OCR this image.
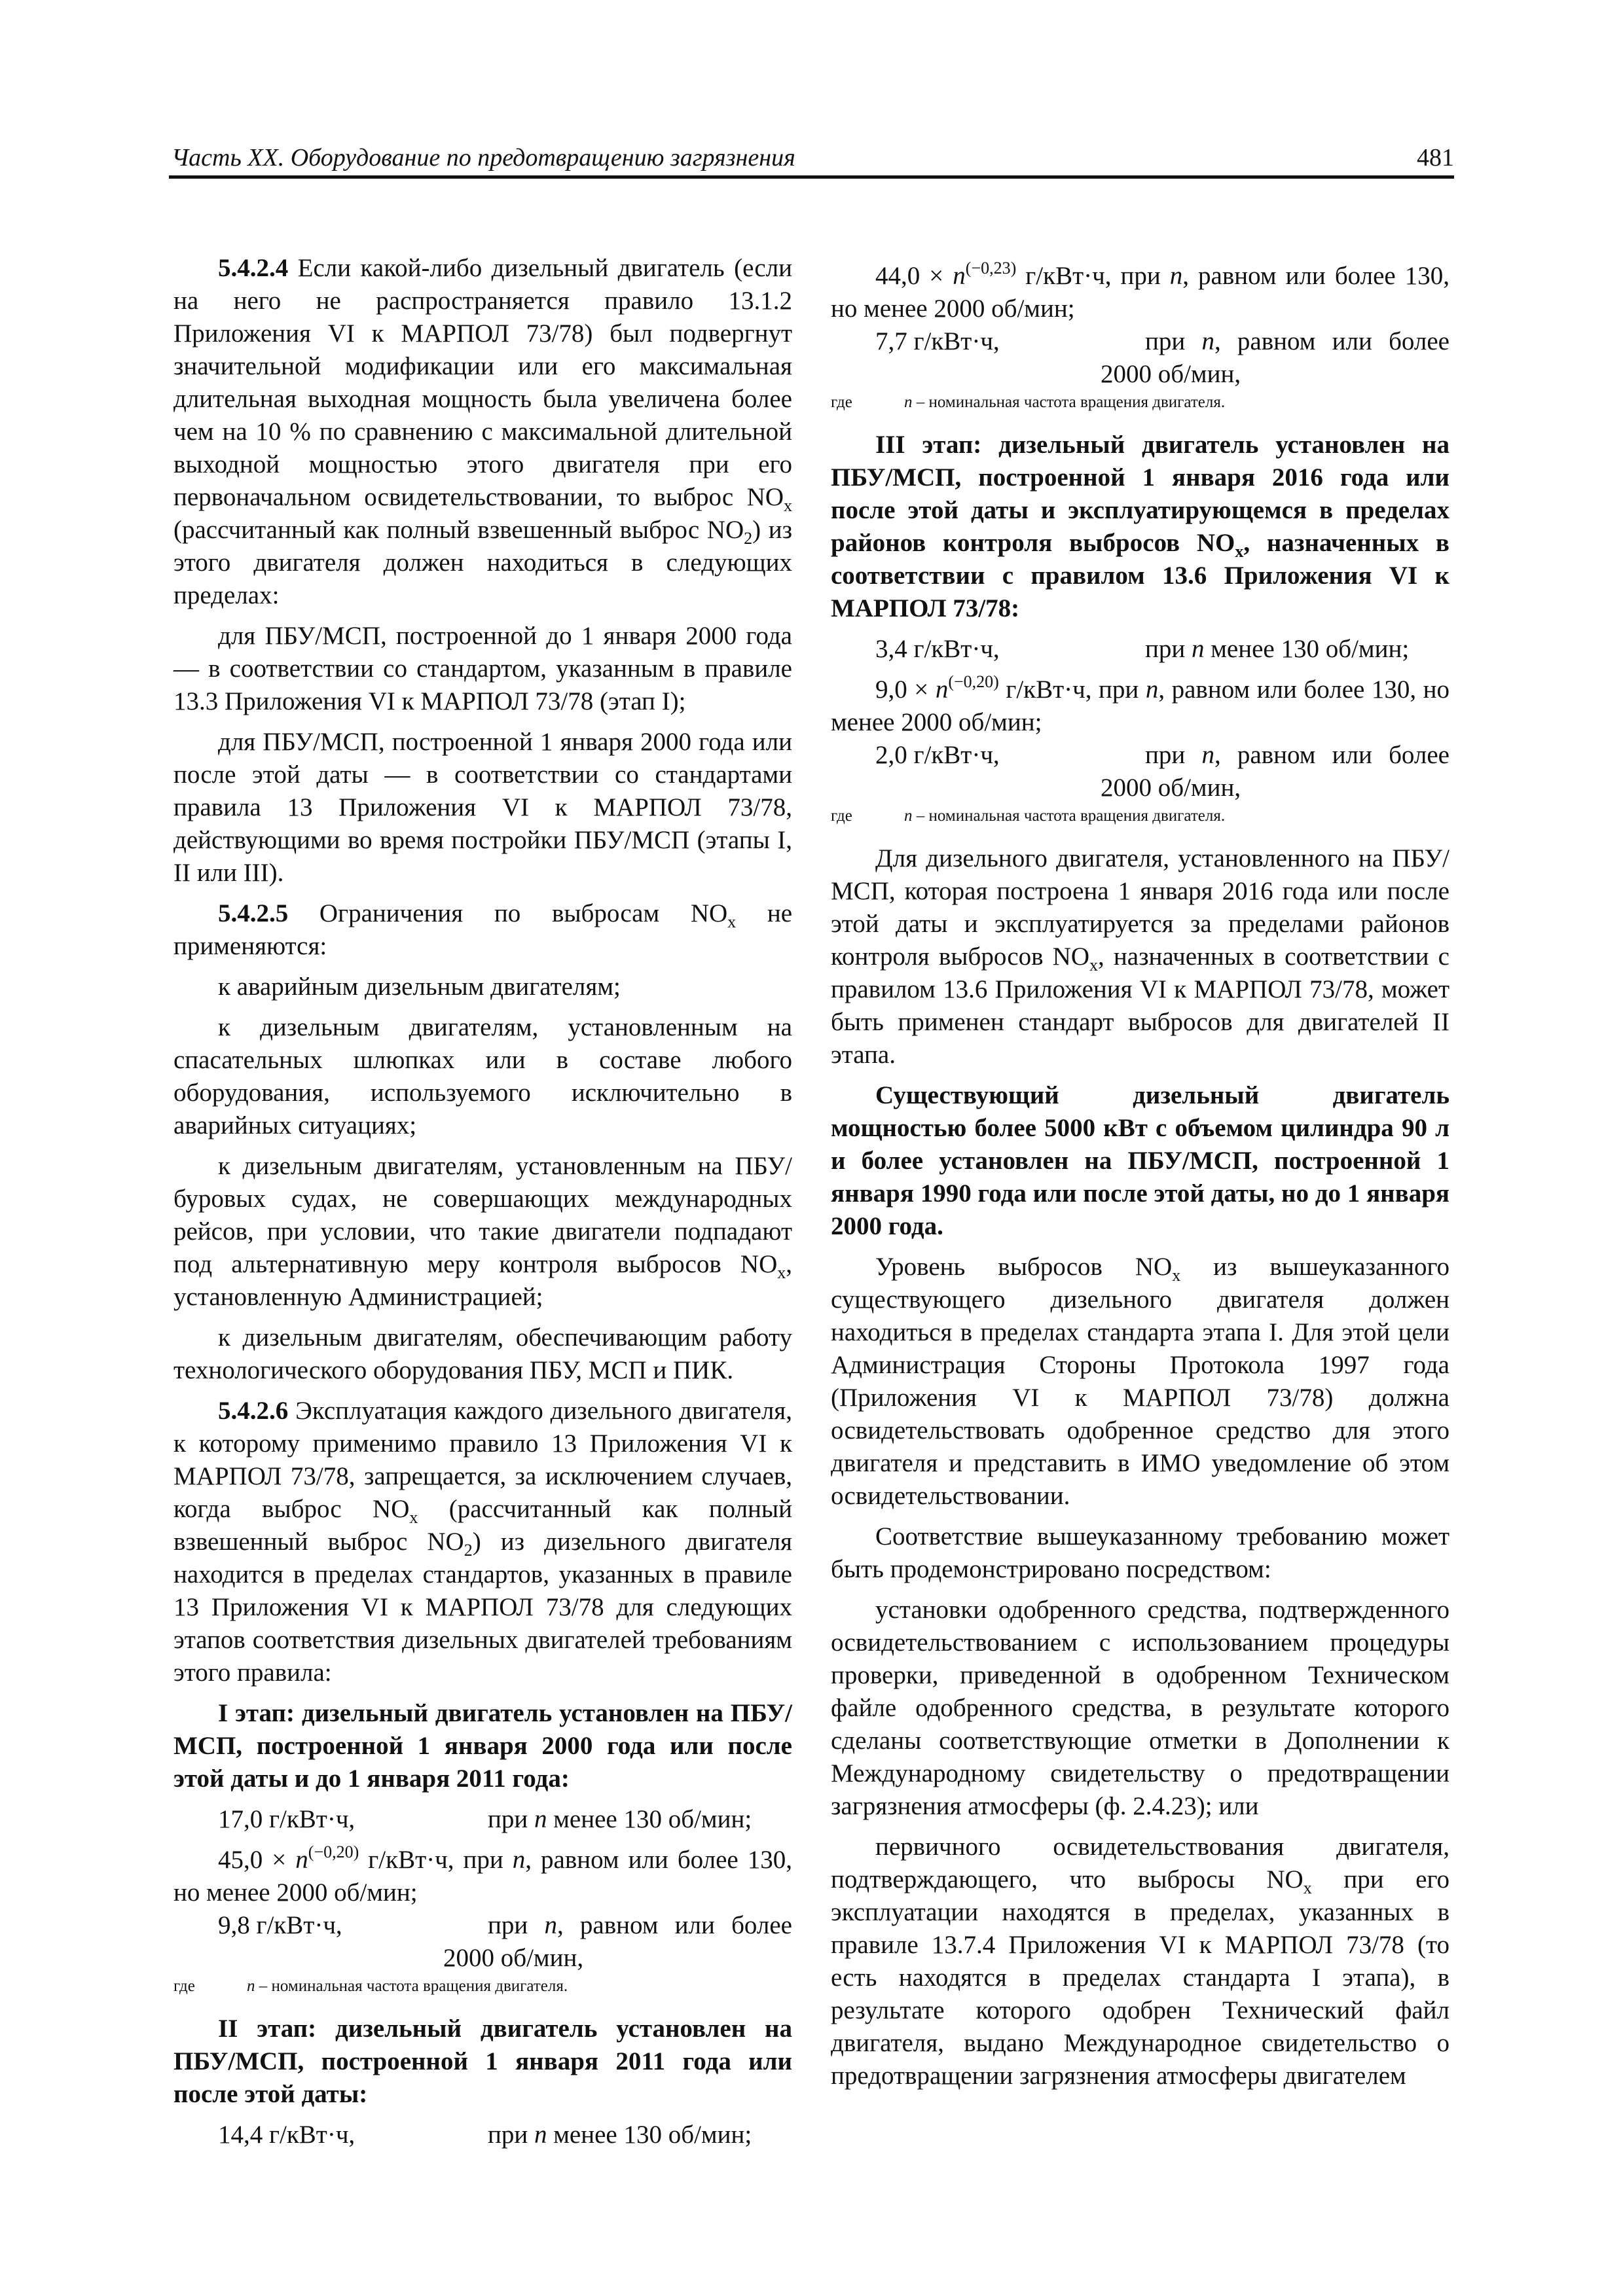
Часть XX. Оборудование по предотвращению загрязнения	481

5.4.2.4 Если какой-либо дизельный двигатель (если на него не распространяется правило 13.1.2 Приложения VI к МАРПОЛ 73/78) был подвергнут значительной модификации или его максимальная длительная выходная мощность была увеличена более чем на 10 % по сравнению с максимальной длительной выходной мощностью этого двигателя при его первоначальном освидетельствовании, то выброс $NO_x$ (рассчитанный как полный взвешенный выброс $NO_2$) из этого двигателя должен находиться в следующих пределах:

для ПБУ/МСП, построенной до 1 января 2000 года — в соответствии со стандартом, указанным в правиле 13.3 Приложения VI к МАРПОЛ 73/78 (этап I);

для ПБУ/МСП, построенной 1 января 2000 года или после этой даты — в соответствии со стандартами правила 13 Приложения VI к МАРПОЛ 73/78, действующими во время постройки ПБУ/МСП (этапы I, II или III).

5.4.2.5 Ограничения по выбросам $NO_x$ не применяются:

к аварийным дизельным двигателям;

к дизельным двигателям, установленным на спасательных шлюпках или в составе любого оборудования, используемого исключительно в аварийных ситуациях;

к дизельным двигателям, установленным на ПБУ/буровых судах, не совершающих международных рейсов, при условии, что такие двигатели подпадают под альтернативную меру контроля выбросов $NO_x$, установленную Администрацией;

к дизельным двигателям, обеспечивающим работу технологического оборудования ПБУ, МСП и ПИК.

5.4.2.6 Эксплуатация каждого дизельного двигателя, к которому применимо правило 13 Приложения VI к МАРПОЛ 73/78, запрещается, за исключением случаев, когда выброс $NO_x$ (рассчитанный как полный взвешенный выброс $NO_2$) из дизельного двигателя находится в пределах стандартов, указанных в правиле 13 Приложения VI к МАРПОЛ 73/78 для следующих этапов соответствия дизельных двигателей требованиям этого правила:

I этап: дизельный двигатель установлен на ПБУ/МСП, построенной 1 января 2000 года или после этой даты и до 1 января 2011 года:

17,0 г/кВт·ч,	при n менее 130 об/мин;

$45,0 \times n^{(-0,20)}$ г/кВт·ч, при n, равном или более 130, но менее 2000 об/мин;

9,8 г/кВт·ч,	при n, равном или более 2000 об/мин,
где	n – номинальная частота вращения двигателя.

II этап: дизельный двигатель установлен на ПБУ/МСП, построенной 1 января 2011 года или после этой даты:

14,4 г/кВт·ч,	при n менее 130 об/мин;

$44,0 \times n^{(-0,23)}$ г/кВт·ч, при n, равном или более 130, но менее 2000 об/мин;

7,7 г/кВт·ч,	при n, равном или более 2000 об/мин,
где	n – номинальная частота вращения двигателя.

III этап: дизельный двигатель установлен на ПБУ/МСП, построенной 1 января 2016 года или после этой даты и эксплуатирующемся в пределах районов контроля выбросов $NO_x$, назначенных в соответствии с правилом 13.6 Приложения VI к МАРПОЛ 73/78:

3,4 г/кВт·ч,	при n менее 130 об/мин;

$9,0 \times n^{(-0,20)}$ г/кВт·ч, при n, равном или более 130, но менее 2000 об/мин;

2,0 г/кВт·ч,	при n, равном или более 2000 об/мин,
где	n – номинальная частота вращения двигателя.

Для дизельного двигателя, установленного на ПБУ/МСП, которая построена 1 января 2016 года или после этой даты и эксплуатируется за пределами районов контроля выбросов $NO_x$, назначенных в соответствии с правилом 13.6 Приложения VI к МАРПОЛ 73/78, может быть применен стандарт выбросов для двигателей II этапа.

Существующий дизельный двигатель мощностью более 5000 кВт с объемом цилиндра 90 л и более установлен на ПБУ/МСП, построенной 1 января 1990 года или после этой даты, но до 1 января 2000 года.

Уровень выбросов $NO_x$ из вышеуказанного существующего дизельного двигателя должен находиться в пределах стандарта этапа I. Для этой цели Администрация Стороны Протокола 1997 года (Приложения VI к МАРПОЛ 73/78) должна освидетельствовать одобренное средство для этого двигателя и представить в ИМО уведомление об этом освидетельствовании.

Соответствие вышеуказанному требованию может быть продемонстрировано посредством:

установки одобренного средства, подтвержденного освидетельствованием с использованием процедуры проверки, приведенной в одобренном Техническом файле одобренного средства, в результате которого сделаны соответствующие отметки в Дополнении к Международному свидетельству о предотвращении загрязнения атмосферы (ф. 2.4.23); или

первичного освидетельствования двигателя, подтверждающего, что выбросы $NO_x$ при его эксплуатации находятся в пределах, указанных в правиле 13.7.4 Приложения VI к МАРПОЛ 73/78 (то есть находятся в пределах стандарта I этапа), в результате которого одобрен Технический файл двигателя, выдано Международное свидетельство о предотвращении загрязнения атмосферы двигателем
